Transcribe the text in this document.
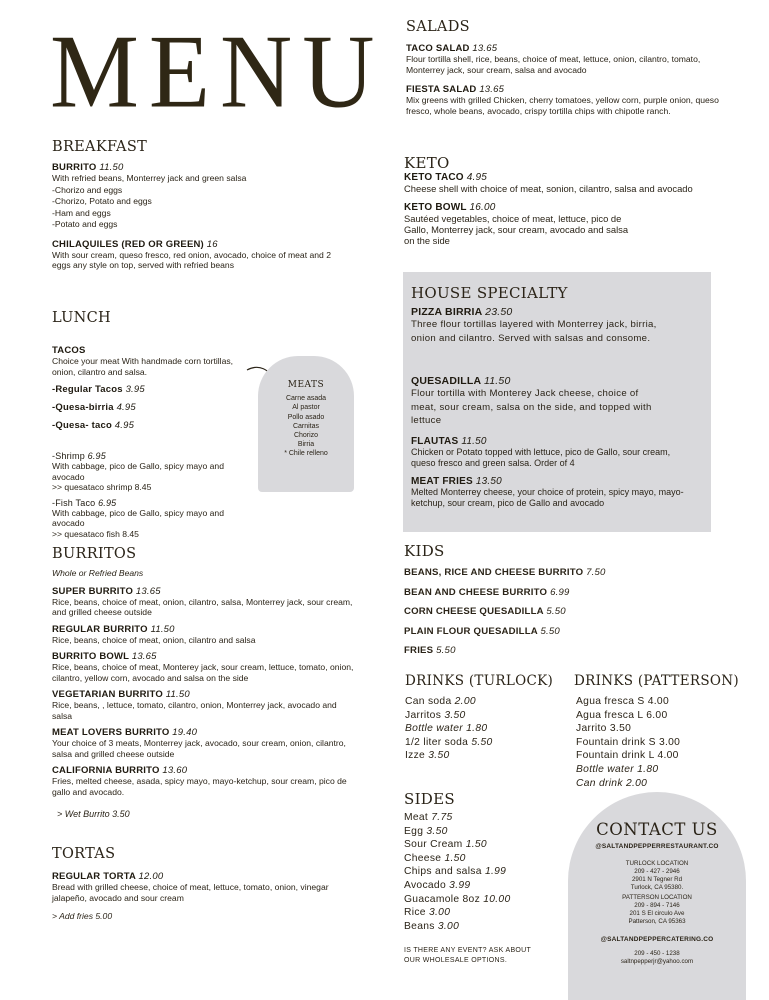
MENU
BREAKFAST
BURRITO 11.50
With refried beans, Monterrey jack and green salsa
-Chorizo and eggs
-Chorizo, Potato and eggs
-Ham and eggs
-Potato and eggs
CHILAQUILES (RED OR GREEN) 16
With sour cream, queso fresco, red onion, avocado, choice of meat and 2 eggs any style on top, served with refried beans
LUNCH
TACOS
Choice your meat With handmade corn tortillas, onion, cilantro and salsa.
-Regular Tacos 3.95
-Quesa-birria 4.95
-Quesa- taco 4.95
-Shrimp 6.95
With cabbage, pico de Gallo, spicy mayo and avocado
>> quesataco shrimp 8.45
-Fish Taco 6.95
With cabbage, pico de Gallo, spicy mayo and avocado
>> quesataco fish 8.45
MEATS
Carne asada
Al pastor
Pollo asado
Carnitas
Chorizo
Birria
* Chile relleno
BURRITOS
Whole or Refried Beans
SUPER BURRITO 13.65
Rice, beans, choice of meat, onion, cilantro, salsa, Monterrey jack, sour cream, and grilled cheese outside
REGULAR BURRITO 11.50
Rice, beans, choice of meat, onion, cilantro and salsa
BURRITO BOWL 13.65
Rice, beans, choice of meat, Monterey jack, sour cream, lettuce, tomato, onion, cilantro, yellow corn, avocado and salsa on the side
VEGETARIAN BURRITO 11.50
Rice, beans, , lettuce, tomato, cilantro, onion, Monterrey jack, avocado and salsa
MEAT LOVERS BURRITO 19.40
Your choice of 3 meats, Monterrey jack, avocado, sour cream, onion, cilantro, salsa and grilled cheese outside
CALIFORNIA BURRITO 13.60
Fries, melted cheese, asada, spicy mayo, mayo-ketchup, sour cream, pico de gallo and avocado.
> Wet Burrito 3.50
TORTAS
REGULAR TORTA 12.00
Bread with grilled cheese, choice of meat, lettuce, tomato, onion, vinegar jalapeño, avocado and sour cream
> Add fries 5.00
SALADS
TACO SALAD 13.65
Flour tortilla shell, rice, beans, choice of meat, lettuce, onion, cilantro, tomato, Monterrey jack, sour cream, salsa and avocado
FIESTA SALAD 13.65
Mix greens with grilled Chicken, cherry tomatoes, yellow corn, purple onion, queso fresco, whole beans, avocado, crispy tortilla chips with chipotle ranch.
KETO
KETO TACO 4.95
Cheese shell with choice of meat, sonion, cilantro, salsa and avocado
KETO BOWL 16.00
Sautéed vegetables, choice of meat, lettuce, pico de Gallo, Monterrey jack, sour cream, avocado and salsa on the side
HOUSE SPECIALTY
PIZZA BIRRIA 23.50
Three flour tortillas layered with Monterrey jack, birria, onion and cilantro. Served with salsas and consome.
QUESADILLA 11.50
Flour tortilla with Monterey Jack cheese, choice of meat, sour cream, salsa on the side, and topped with lettuce
FLAUTAS 11.50
Chicken or Potato topped with lettuce, pico de Gallo, sour cream, queso fresco and green salsa. Order of 4
MEAT FRIES 13.50
Melted Monterrey cheese, your choice of protein, spicy mayo, mayo-ketchup, sour cream, pico de Gallo and avocado
KIDS
BEANS, RICE AND CHEESE BURRITO 7.50
BEAN AND CHEESE BURRITO 6.99
CORN CHEESE QUESADILLA 5.50
PLAIN FLOUR QUESADILLA 5.50
FRIES 5.50
DRINKS (TURLOCK)
Can soda 2.00
Jarritos 3.50
Bottle water 1.80
1/2 liter soda 5.50
Izze 3.50
DRINKS (PATTERSON)
Agua fresca S 4.00
Agua fresca L 6.00
Jarrito 3.50
Fountain drink S 3.00
Fountain drink L 4.00
Bottle water 1.80
Can drink 2.00
SIDES
Meat 7.75
Egg 3.50
Sour Cream 1.50
Cheese 1.50
Chips and salsa 1.99
Avocado 3.99
Guacamole 8oz 10.00
Rice 3.00
Beans 3.00
IS THERE ANY EVENT? ASK ABOUT
OUR WHOLESALE OPTIONS.
CONTACT US
@SALTANDPEPPERRESTAURANT.CO
TURLOCK LOCATION
209 - 427 - 2946
2901 N Tegner Rd
Turlock, CA 95380.
PATTERSON LOCATION
209 - 894 - 7146
201 S El circulo Ave
Patterson, CA 95363
@SALTANDPEPPERCATERING.CO
209 - 450 - 1238
saltnpepperjr@yahoo.com
